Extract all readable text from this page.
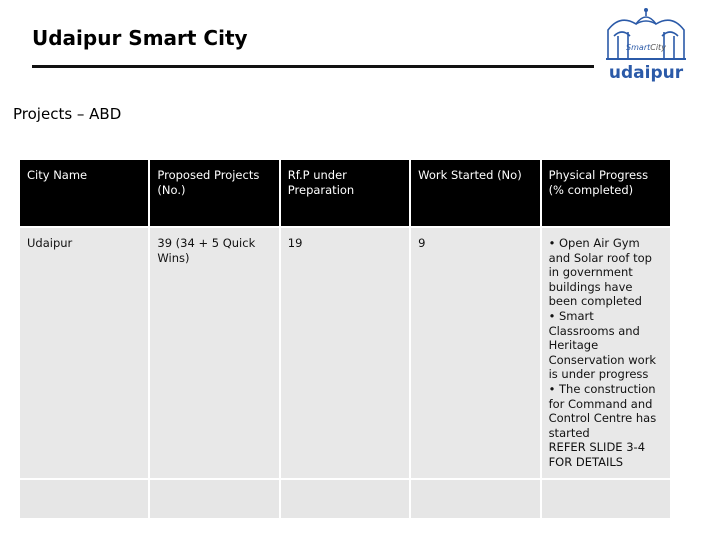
Udaipur Smart City	SmartCity
udaipur
Projects – ABD
City Name	Proposed Projects (No.)	Rf.P under Preparation	Work Started (No)	Physical Progress (% completed)
Udaipur	39 (34 + 5 Quick Wins)	19	9	• Open Air Gym and Solar roof top in government buildings have been completed
• Smart Classrooms and Heritage Conservation work is under progress
• The construction for Command and Control Centre has started
REFER SLIDE 3-4 FOR DETAILS
